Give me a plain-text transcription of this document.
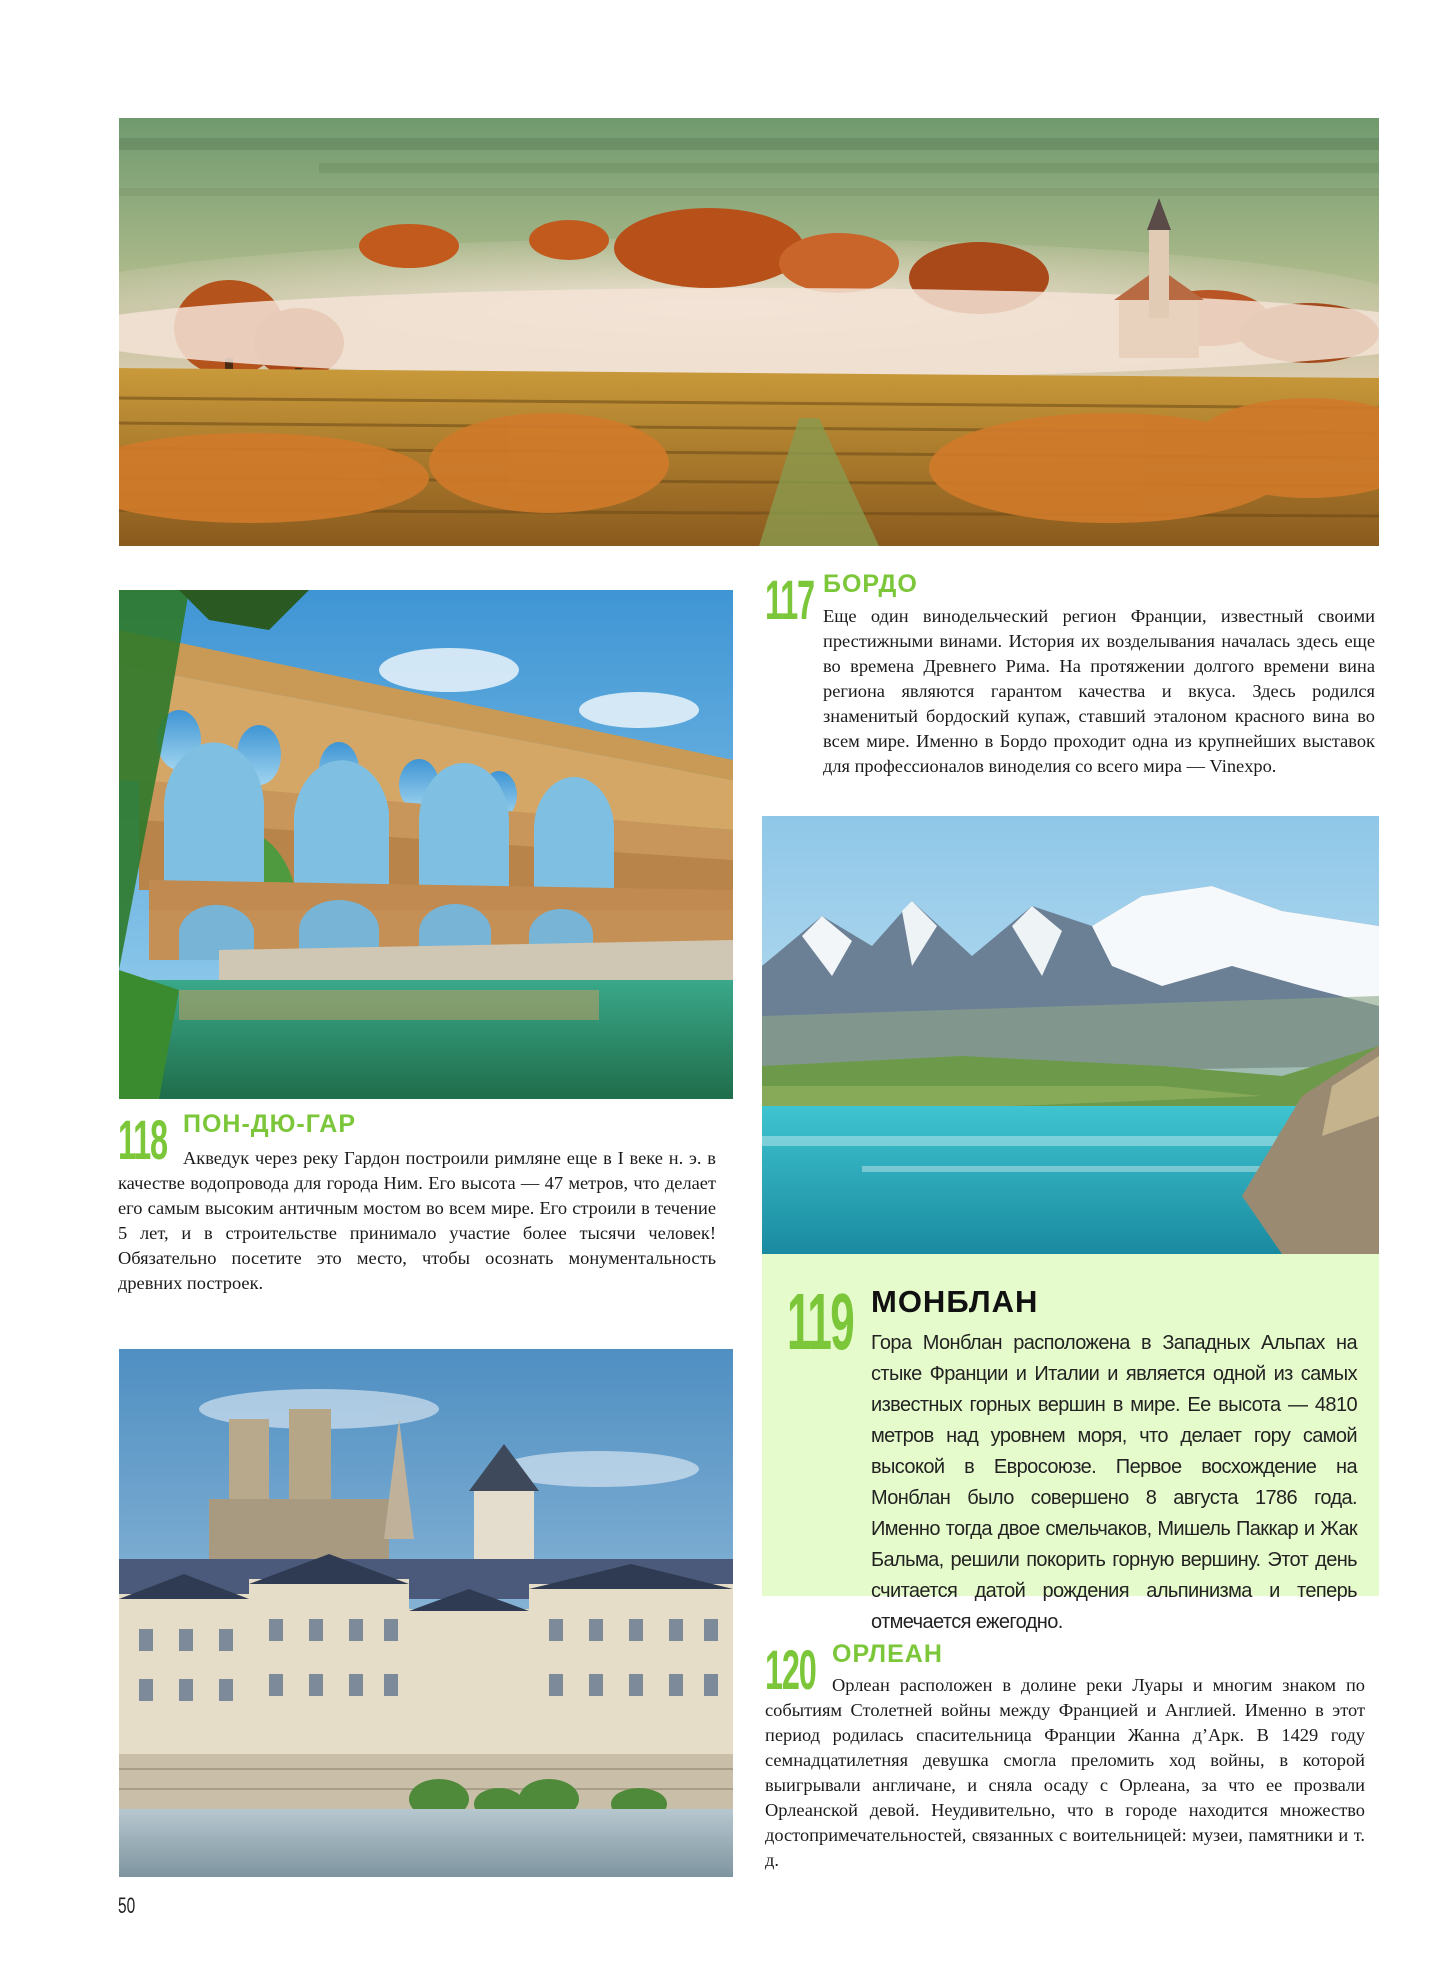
117 БОРДО
Еще один винодельческий регион Франции, известный своими престижными винами. История их возделывания началась здесь еще во времена Древнего Рима. На протяжении долгого времени вина региона являются гарантом качества и вкуса. Здесь родился знаменитый бордоский купаж, ставший эталоном красного вина во всем мире. Именно в Бордо проходит одна из крупнейших выставок для профессионалов виноделия со всего мира — Vinexpo.
118 ПОН-ДЮ-ГАР
Акведук через реку Гардон построили римляне еще в I веке н. э. в качестве водопровода для города Ним. Его высота — 47 метров, что делает его самым высоким античным мостом во всем мире. Его строили в течение 5 лет, и в строительстве принимало участие более тысячи человек! Обязательно посетите это место, чтобы осознать монументальность древних построек.	119 МОНБЛАН
Гора Монблан расположена в Западных Альпах на стыке Франции и Италии и является одной из самых известных горных вершин в мире. Ее высота — 4810 метров над уровнем моря, что делает гору самой высокой в Евросоюзе. Первое восхождение на Монблан было совершено 8 августа 1786 года. Именно тогда двое смельчаков, Мишель Паккар и Жак Бальма, решили покорить горную вершину. Этот день считается датой рождения альпинизма и теперь отмечается ежегодно.
120 ОРЛЕАН
Орлеан расположен в долине реки Луары и многим знаком по событиям Столетней войны между Францией и Англией. Именно в этот период родилась спасительница Франции Жанна д’Арк. В 1429 году семнадцатилетняя девушка смогла преломить ход войны, в которой выигрывали англичане, и сняла осаду с Орлеана, за что ее прозвали Орлеанской девой. Неудивительно, что в городе находится множество достопримечательностей, связанных с воительницей: музеи, памятники и т. д.
50
